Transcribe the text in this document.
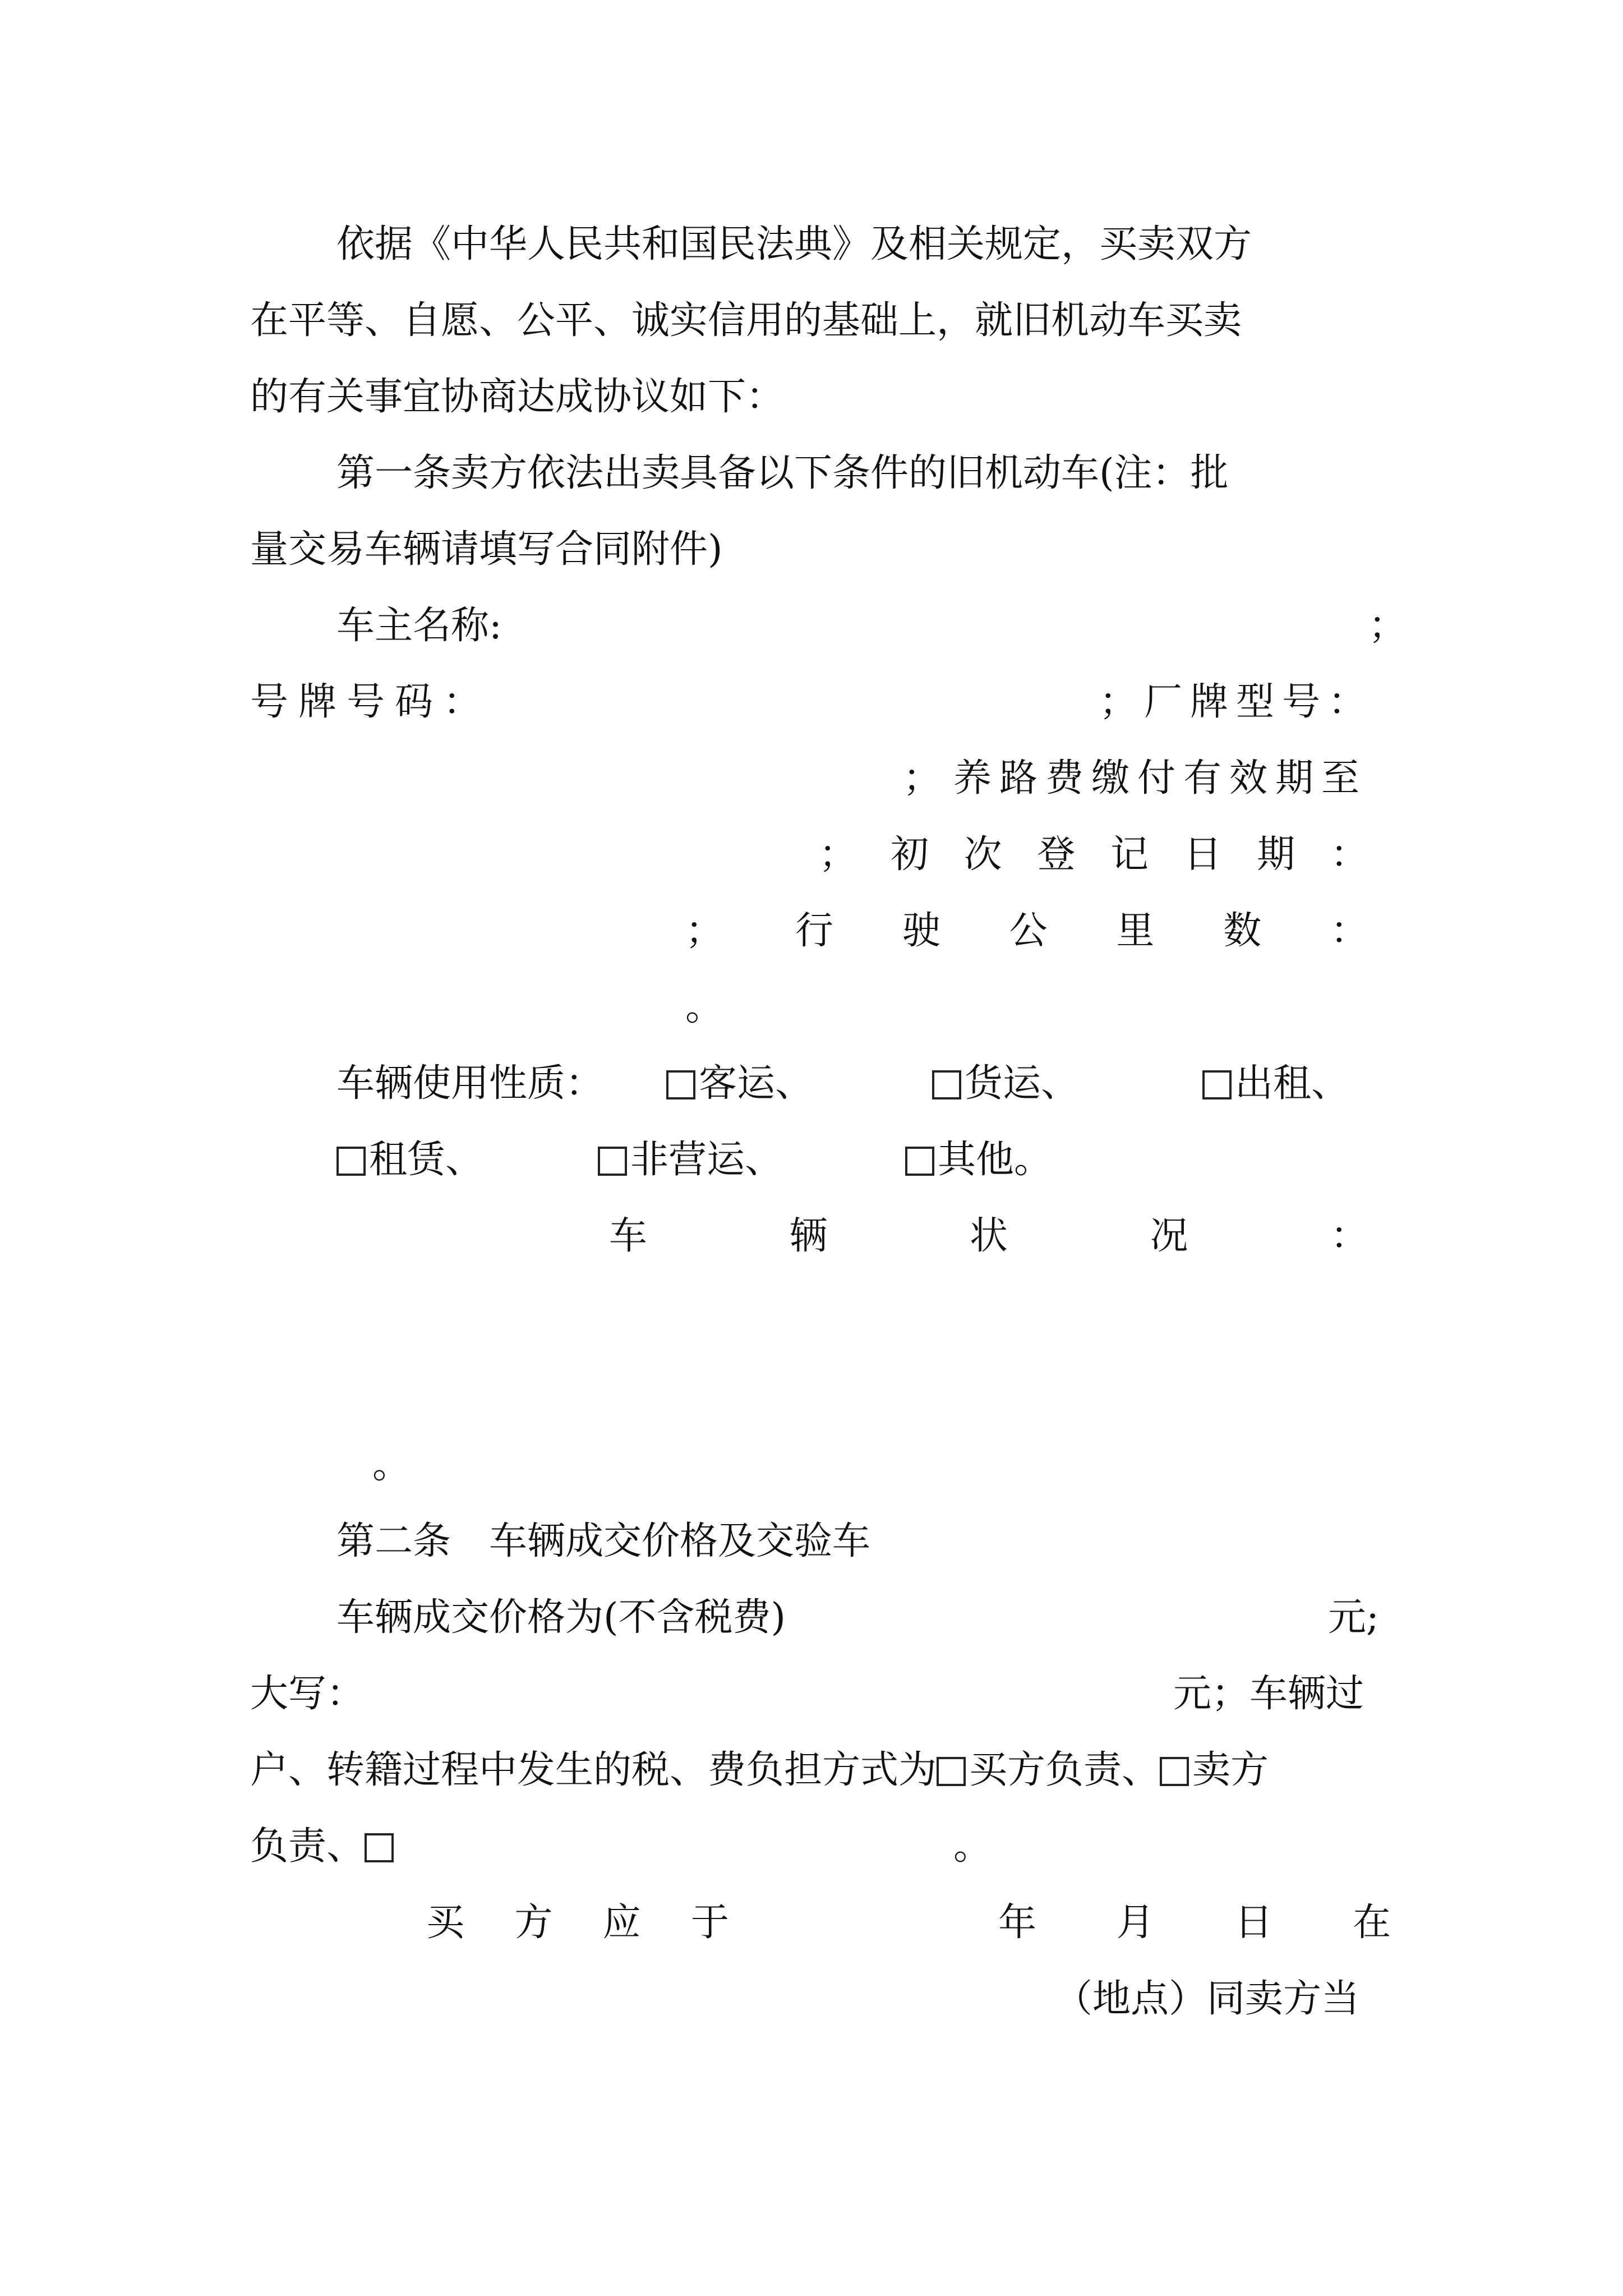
依据《中华人民共和国民法典》及相关规定，买卖双方
在平等、自愿、公平、诚实信用的基础上，就旧机动车买卖
的有关事宜协商达成协议如下：
第一条卖方依法出卖具备以下条件的旧机动车(注：批
量交易车辆请填写合同附件)
车主名称:	；
号牌号码：	； 厂牌型号：
； 养路费缴付有效期至
； 初 次 登 记 日 期 ：
； 行 驶 公 里 数 ：
。
车辆使用性质：	客运、	货运、	出租、
租赁、	非营运、	其他。
车	辆	状	况	：
。
第二条　车辆成交价格及交验车
车辆成交价格为(不含税费)	元;
大写：	元；车辆过
户、转籍过程中发生的税、费负担方式为 买方负责、 卖方
负责、	。
买 方 应 于	年 月 日 在
（地点）同卖方当
